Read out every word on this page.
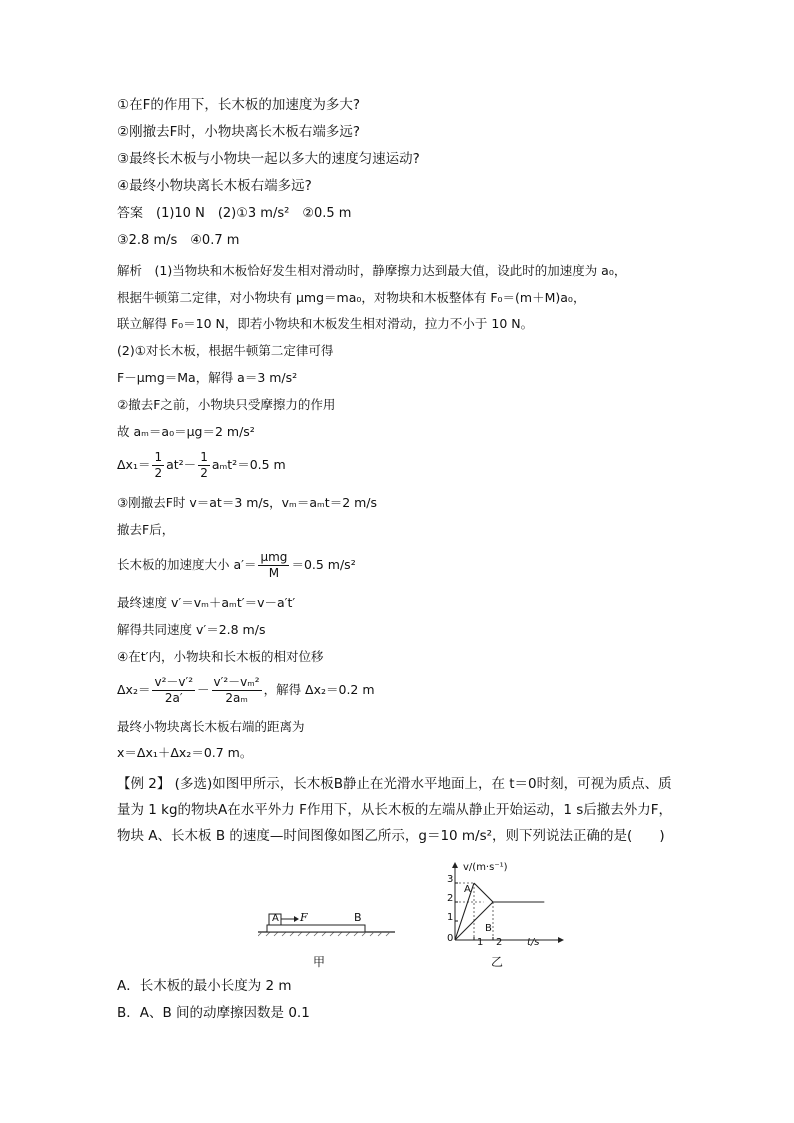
①在F的作用下，长木板的加速度为多大?
②刚撤去F时，小物块离长木板右端多远?
③最终长木板与小物块一起以多大的速度匀速运动?
④最终小物块离长木板右端多远?
答案　(1)10 N　(2)①3 m/s²　②0.5 m
③2.8 m/s　④0.7 m
解析　(1)当物块和木板恰好发生相对滑动时，静摩擦力达到最大值，设此时的加速度为 a₀，
根据牛顿第二定律，对小物块有 μmg＝ma₀，对物块和木板整体有 F₀＝(m＋M)a₀，
联立解得 F₀＝10 N，即若小物块和木板发生相对滑动，拉力不小于 10 N。
(2)①对长木板，根据牛顿第二定律可得
F－μmg＝Ma，解得 a＝3 m/s²
②撤去F之前，小物块只受摩擦力的作用
故 aₘ＝a₀＝μg＝2 m/s²
$\Delta x_1= \frac{1}{2} at^2- \frac{1}{2} a_mt^2=0.5$ m
③刚撤去F时 v＝at＝3 m/s，vₘ＝aₘt＝2 m/s
撤去F后，
长木板的加速度大小 $a'= \frac{\text{μmg}}{M} =0.5$ m/s²
最终速度 v′＝vₘ＋aₘt′＝v－a′t′
解得共同速度 v′＝2.8 m/s
④在t′内，小物块和长木板的相对位移
$\Delta x_2= \frac{\text{v²－v′²}}{2a'} - \frac{\text{v′²－vₘ²}}{\text{2aₘ}}$ ，解得 Δx₂＝0.2 m
最终小物块离长木板右端的距离为
x＝Δx₁＋Δx₂＝0.7 m。
【例 2】 (多选)如图甲所示，长木板B静止在光滑水平地面上，在 t＝0时刻，可视为质点、质量为 1 kg的物块A在水平外力 F作用下，从长木板的左端从静止开始运动，1 s后撤去外力F，物块 A、长木板 B 的速度—时间图像如图乙所示，g＝10 m/s²，则下列说法正确的是(　　)
A F	B
甲
v/(m·s⁻¹)
t/s
0
1
2
3
1 2
A
B
乙
A．长木板的最小长度为 2 m
B．A、B 间的动摩擦因数是 0.1
